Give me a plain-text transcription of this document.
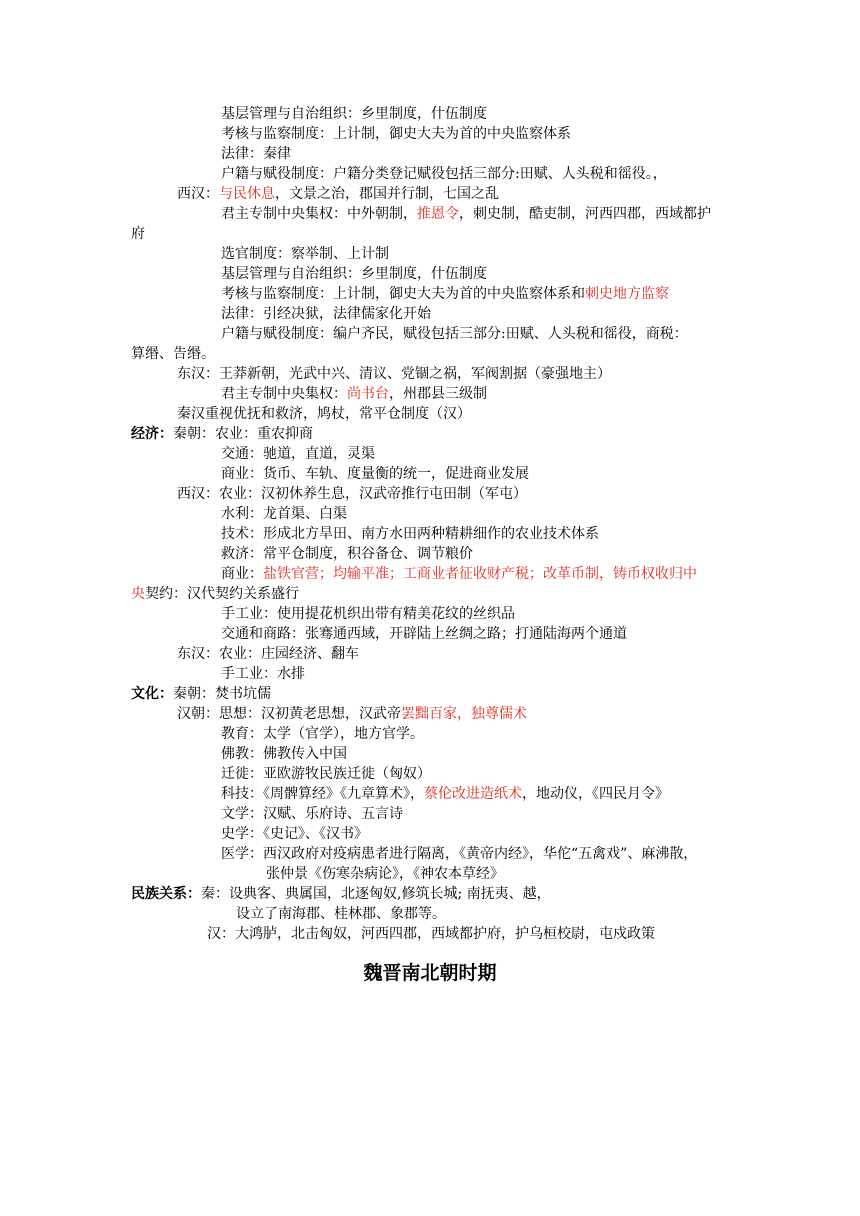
基层管理与自治组织：乡里制度，什伍制度
考核与监察制度：上计制，御史大夫为首的中央监察体系
法律：秦律
户籍与赋役制度：户籍分类登记赋役包括三部分:田赋、人头税和徭役。，
西汉：与民休息，文景之治，郡国并行制，七国之乱
君主专制中央集权：中外朝制，推恩令，刺史制，酷吏制，河西四郡，西域都护
府
选官制度：察举制、上计制
基层管理与自治组织：乡里制度，什伍制度
考核与监察制度：上计制，御史大夫为首的中央监察体系和刺史地方监察
法律：引经决狱，法律儒家化开始
户籍与赋役制度：编户齐民，赋役包括三部分:田赋、人头税和徭役，商税：
算缗、告缗。
东汉：王莽新朝，光武中兴、清议、党锢之祸，军阀割据（豪强地主）
君主专制中央集权：尚书台，州郡县三级制
秦汉重视优抚和救济，鸠杖，常平仓制度（汉）
经济：秦朝：农业：重农抑商
交通：驰道，直道，灵渠
商业：货币、车轨、度量衡的统一，促进商业发展
西汉：农业：汉初休养生息，汉武帝推行屯田制（军屯）
水利：龙首渠、白渠
技术：形成北方旱田、南方水田两种精耕细作的农业技术体系
救济：常平仓制度，积谷备仓、调节粮价
商业：盐铁官营；均输平准；工商业者征收财产税；改革币制，铸币权收归中
央契约：汉代契约关系盛行
手工业：使用提花机织出带有精美花纹的丝织品
交通和商路：张骞通西域，开辟陆上丝绸之路；打通陆海两个通道
东汉：农业：庄园经济、翻车
手工业：水排
文化：秦朝：焚书坑儒
汉朝：思想：汉初黄老思想，汉武帝罢黜百家，独尊儒术
教育：太学（官学），地方官学。
佛教：佛教传入中国
迁徙：亚欧游牧民族迁徙（匈奴）
科技：《周髀算经》《九章算术》，蔡伦改进造纸术，地动仪，《四民月令》
文学：汉赋、乐府诗、五言诗
史学：《史记》、《汉书》
医学：西汉政府对疫病患者进行隔离，《黄帝内经》，华佗“五禽戏”、麻沸散，
张仲景《伤寒杂病论》，《神农本草经》
民族关系：秦：设典客、典属国，北逐匈奴,修筑长城; 南抚夷、越，
设立了南海郡、桂林郡、象郡等。
汉：大鸿胪，北击匈奴，河西四郡，西域都护府，护乌桓校尉，屯戍政策
魏晋南北朝时期
